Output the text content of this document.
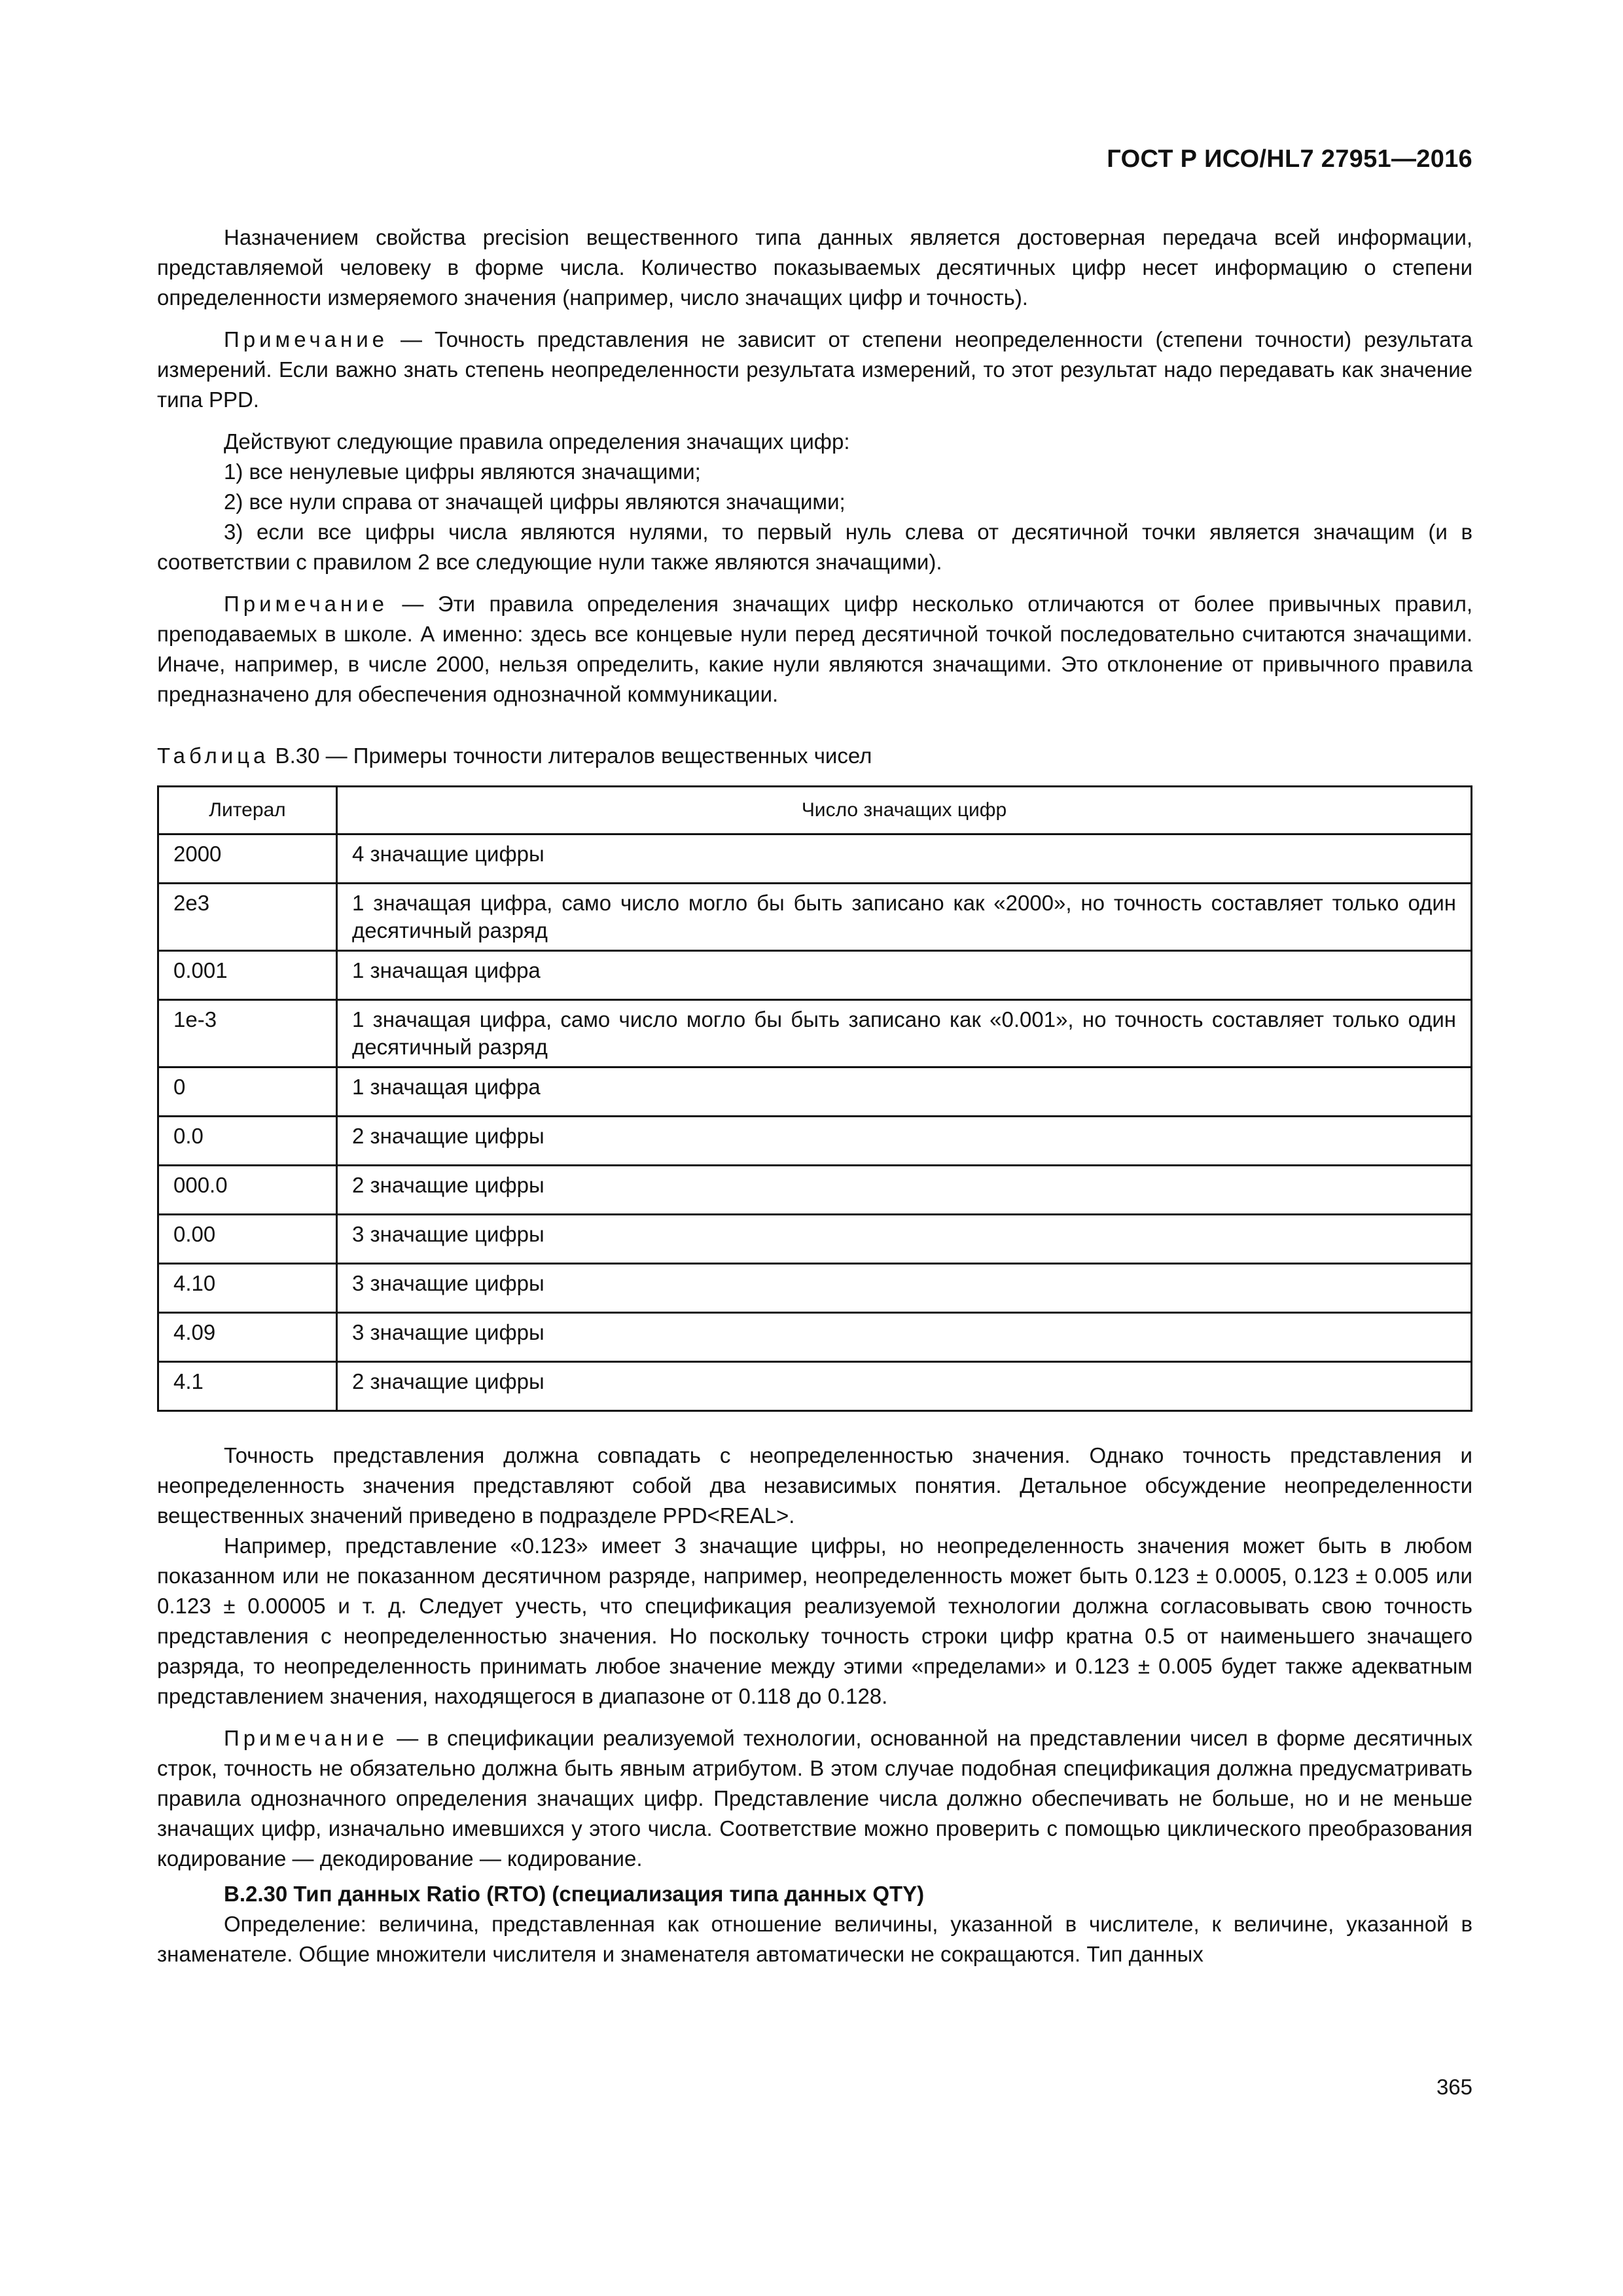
ГОСТ Р ИСО/HL7 27951—2016

Назначением свойства precision вещественного типа данных является достоверная передача всей информации, представляемой человеку в форме числа. Количество показываемых десятичных цифр несет информацию о степени определенности измеряемого значения (например, число значащих цифр и точность).

Примечание — Точность представления не зависит от степени неопределенности (степени точности) результата измерений. Если важно знать степень неопределенности результата измерений, то этот результат надо передавать как значение типа PPD.

Действуют следующие правила определения значащих цифр:

1) все ненулевые цифры являются значащими;

2) все нули справа от значащей цифры являются значащими;

3) если все цифры числа являются нулями, то первый нуль слева от десятичной точки является значащим (и в соответствии с правилом 2 все следующие нули также являются значащими).

Примечание — Эти правила определения значащих цифр несколько отличаются от более привычных правил, преподаваемых в школе. А именно: здесь все концевые нули перед десятичной точкой последовательно считаются значащими. Иначе, например, в числе 2000, нельзя определить, какие нули являются значащими. Это отклонение от привычного правила предназначено для обеспечения однозначной коммуникации.

Таблица В.30 — Примеры точности литералов вещественных чисел

Литерал	Число значащих цифр
2000	4 значащие цифры
2e3	1 значащая цифра, само число могло бы быть записано как «2000», но точность составляет только один десятичный разряд
0.001	1 значащая цифра
1e-3	1 значащая цифра, само число могло бы быть записано как «0.001», но точность составляет только один десятичный разряд
0	1 значащая цифра
0.0	2 значащие цифры
000.0	2 значащие цифры
0.00	3 значащие цифры
4.10	3 значащие цифры
4.09	3 значащие цифры
4.1	2 значащие цифры

Точность представления должна совпадать с неопределенностью значения. Однако точность представления и неопределенность значения представляют собой два независимых понятия. Детальное обсуждение неопределенности вещественных значений приведено в подразделе PPD<REAL>.

Например, представление «0.123» имеет 3 значащие цифры, но неопределенность значения может быть в любом показанном или не показанном десятичном разряде, например, неопределенность может быть 0.123 ± 0.0005, 0.123 ± 0.005 или 0.123 ± 0.00005 и т. д. Следует учесть, что спецификация реализуемой технологии должна согласовывать свою точность представления с неопределенностью значения. Но поскольку точность строки цифр кратна 0.5 от наименьшего значащего разряда, то неопределенность принимать любое значение между этими «пределами» и 0.123 ± 0.005 будет также адекватным представлением значения, находящегося в диапазоне от 0.118 до 0.128.

Примечание — в спецификации реализуемой технологии, основанной на представлении чисел в форме десятичных строк, точность не обязательно должна быть явным атрибутом. В этом случае подобная спецификация должна предусматривать правила однозначного определения значащих цифр. Представление числа должно обеспечивать не больше, но и не меньше значащих цифр, изначально имевшихся у этого числа. Соответствие можно проверить с помощью циклического преобразования кодирование — декодирование — кодирование.

В.2.30 Тип данных Ratio (RTO) (специализация типа данных QTY)

Определение: величина, представленная как отношение величины, указанной в числителе, к величине, указанной в знаменателе. Общие множители числителя и знаменателя автоматически не сокращаются. Тип данных

365
